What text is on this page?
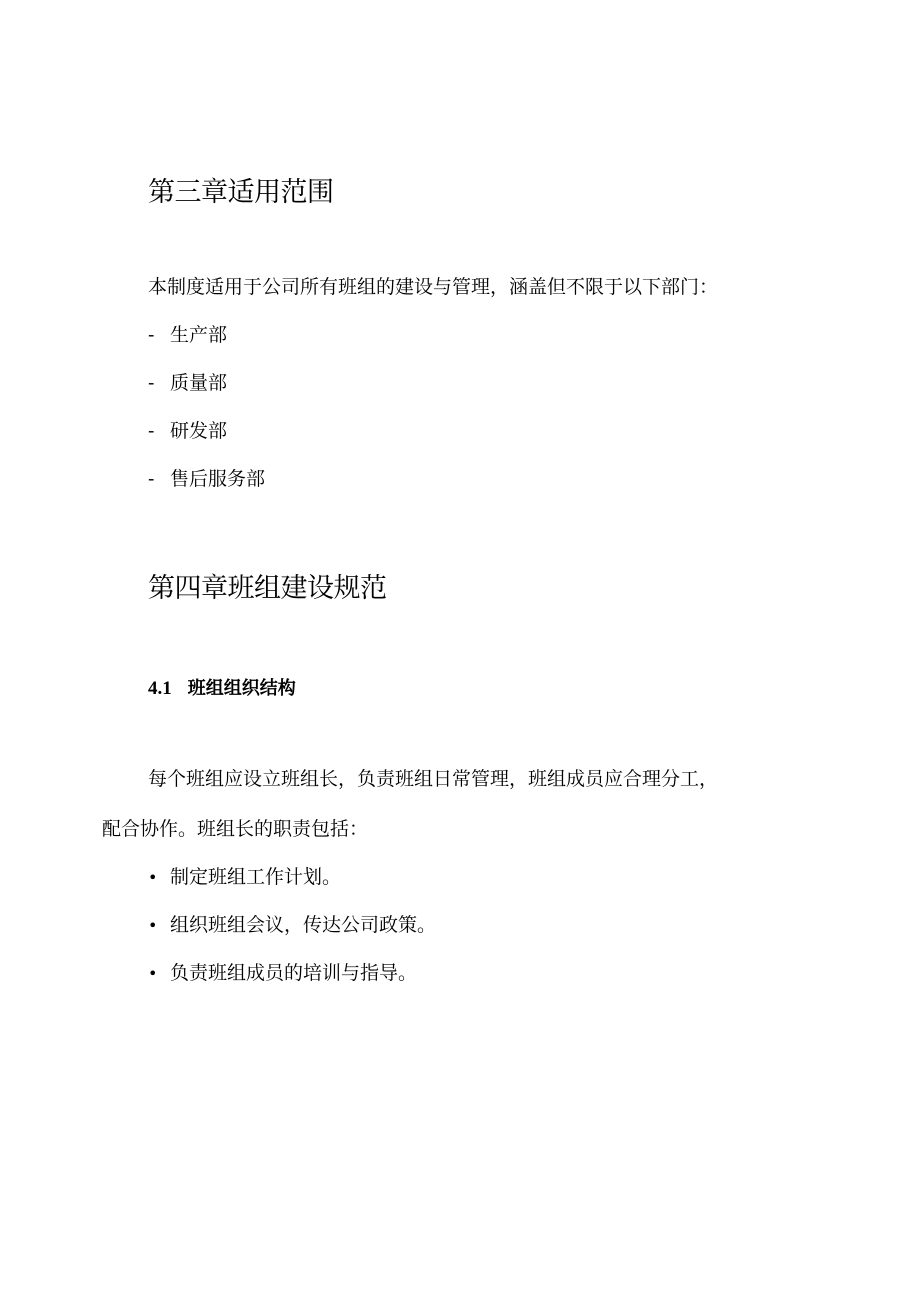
第三章适用范围

本制度适用于公司所有班组的建设与管理，涵盖但不限于以下部门：

- 生产部
- 质量部
- 研发部
- 售后服务部
第四章班组建设规范
4.1 班组组织结构

每个班组应设立班组长，负责班组日常管理，班组成员应合理分工，

配合协作。班组长的职责包括：

• 制定班组工作计划。
• 组织班组会议，传达公司政策。
• 负责班组成员的培训与指导。
